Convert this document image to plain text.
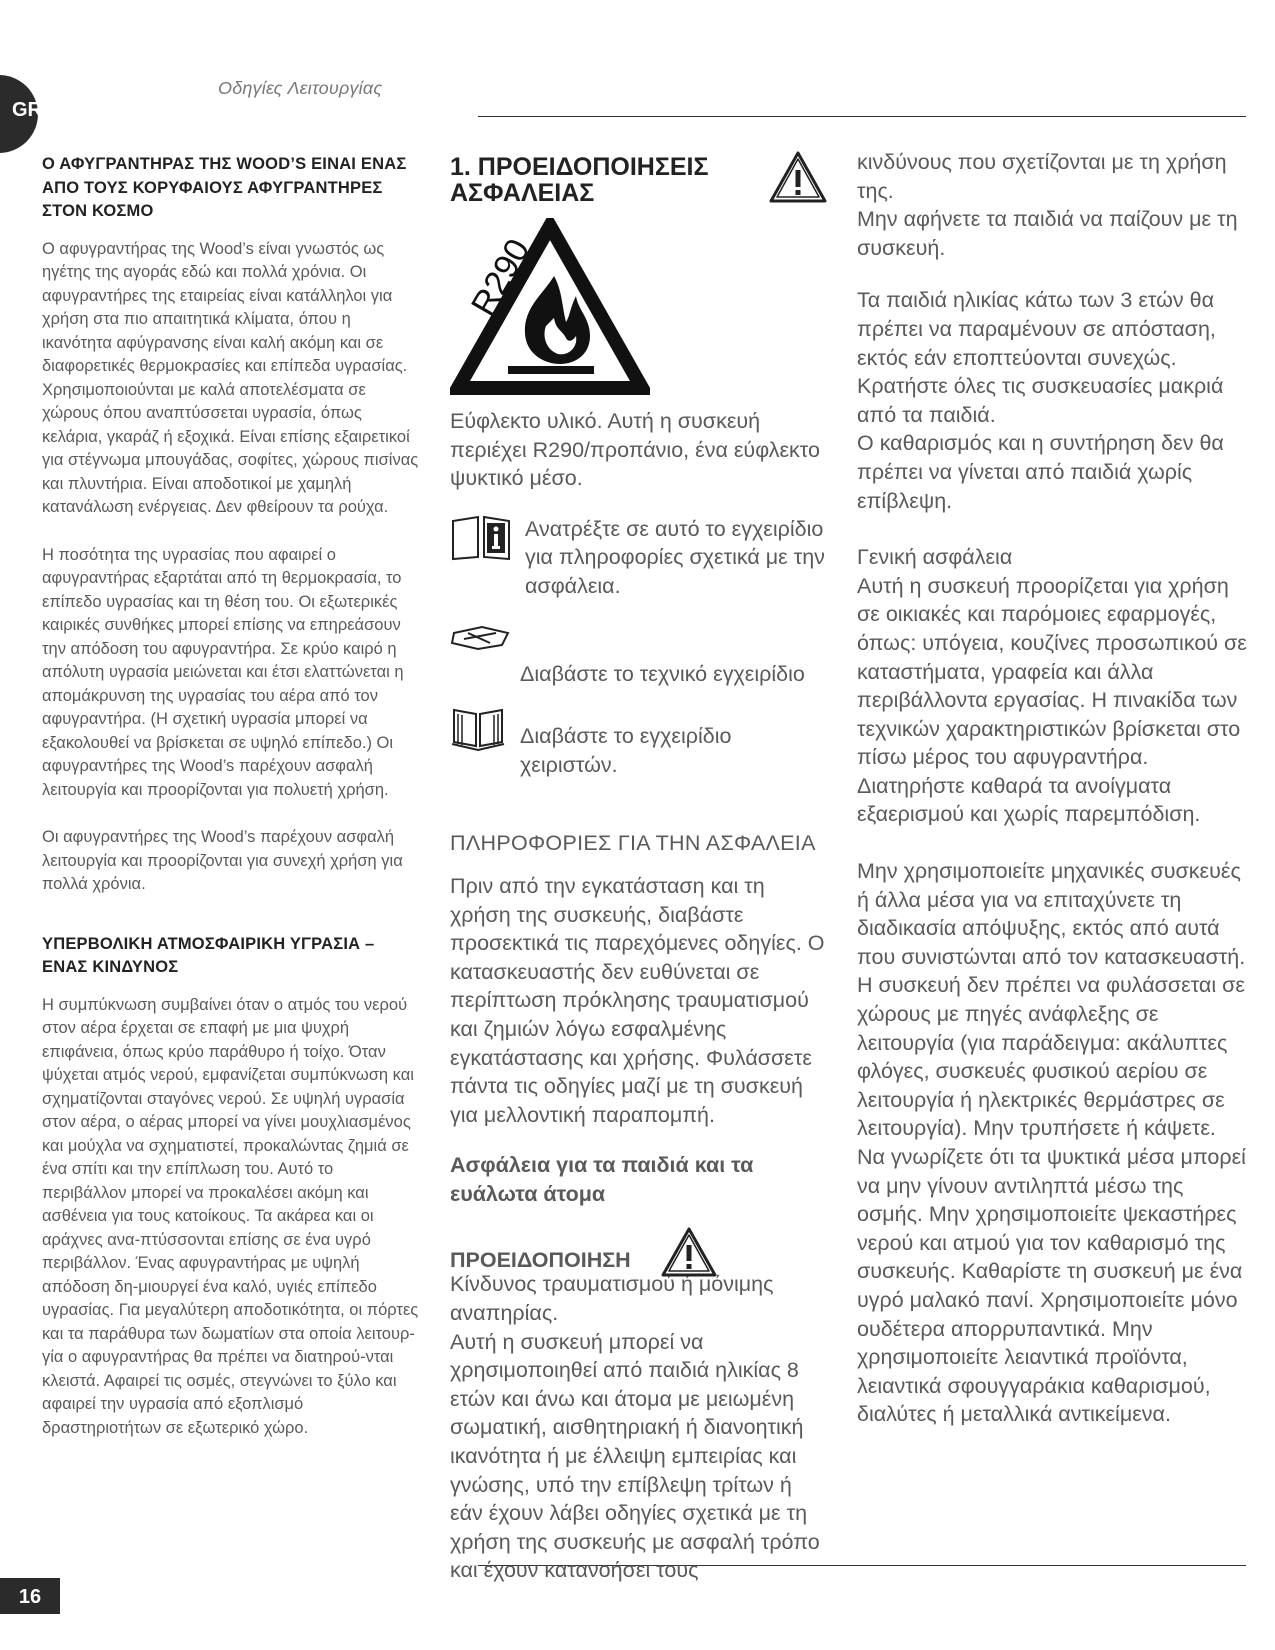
GR
Οδηγίες Λειτουργίας
16
Ο ΑΦΥΓΡΑΝΤΗΡΑΣ ΤΗΣ WOOD’S ΕΙΝΑΙ ΕΝΑΣ ΑΠΟ ΤΟΥΣ ΚΟΡΥΦΑΙΟΥΣ ΑΦΥΓΡΑΝΤΗΡΕΣ ΣΤΟΝ ΚΟΣΜΟ

Ο αφυγραντήρας της Wood’s είναι γνωστός ως ηγέτης της αγοράς εδώ και πολλά χρόνια. Οι αφυγραντήρες της εταιρείας είναι κατάλληλοι για χρήση στα πιο απαιτητικά κλίματα, όπου η ικανότητα αφύγρανσης είναι καλή ακόμη και σε διαφορετικές θερμοκρασίες και επίπεδα υγρασίας. Χρησιμοποιούνται με καλά αποτελέσματα σε χώρους όπου αναπτύσσεται υγρασία, όπως κελάρια, γκαράζ ή εξοχικά. Είναι επίσης εξαιρετικοί για στέγνωμα μπουγάδας, σοφίτες, χώρους πισίνας και πλυντήρια. Είναι αποδοτικοί με χαμηλή κατανάλωση ενέργειας. Δεν φθείρουν τα ρούχα.

Η ποσότητα της υγρασίας που αφαιρεί ο αφυγραντήρας εξαρτάται από τη θερμοκρασία, το επίπεδο υγρασίας και τη θέση του. Οι εξωτερικές καιρικές συνθήκες μπορεί επίσης να επηρεάσουν την απόδοση του αφυγραντήρα. Σε κρύο καιρό η απόλυτη υγρασία μειώνεται και έτσι ελαττώνεται η απομάκρυνση της υγρασίας του αέρα από τον αφυγραντήρα. (Η σχετική υγρασία μπορεί να εξακολουθεί να βρίσκεται σε υψηλό επίπεδο.) Οι αφυγραντήρες της Wood’s παρέχουν ασφαλή λειτουργία και προορίζονται για πολυετή χρήση.

Οι αφυγραντήρες της Wood’s παρέχουν ασφαλή λειτουργία και προορίζονται για συνεχή χρήση για πολλά χρόνια.

ΥΠΕΡΒΟΛΙΚΗ ΑΤΜΟΣΦΑΙΡΙΚΗ ΥΓΡΑΣΙΑ – ΕΝΑΣ ΚΙΝΔΥΝΟΣ

Η συμπύκνωση συμβαίνει όταν ο ατμός του νερού στον αέρα έρχεται σε επαφή με μια ψυχρή επιφάνεια, όπως κρύο παράθυρο ή τοίχο. Όταν ψύχεται ατμός νερού, εμφανίζεται συμπύκνωση και σχηματίζονται σταγόνες νερού. Σε υψηλή υγρασία στον αέρα, ο αέρας μπορεί να γίνει μουχλιασμένος και μούχλα να σχηματιστεί, προκαλώντας ζημιά σε ένα σπίτι και την επίπλωση του. Αυτό το περιβάλλον μπορεί να προκαλέσει ακόμη και ασθένεια για τους κατοίκους. Τα ακάρεα και οι αράχνες ανα-πτύσσονται επίσης σε ένα υγρό περιβάλλον. Ένας αφυγραντήρας με υψηλή απόδοση δη-μιουργεί ένα καλό, υγιές επίπεδο υγρασίας. Για μεγαλύτερη αποδοτικότητα, οι πόρτες και τα παράθυρα των δωματίων στα οποία λειτουρ-γία ο αφυγραντήρας θα πρέπει να διατηρού-νται κλειστά. Αφαιρεί τις οσμές, στεγνώνει το ξύλο και αφαιρεί την υγρασία από εξοπλισμό δραστηριοτήτων σε εξωτερικό χώρο.

1. ΠΡΟΕΙΔΟΠΟΙΗΣΕΙΣ
ΑΣΦΑΛΕΙΑΣ
R290

Εύφλεκτο υλικό. Αυτή η συσκευή περιέχει R290/προπάνιο, ένα εύφλεκτο ψυκτικό μέσο.

Ανατρέξτε σε αυτό το εγχειρίδιο για πληροφορίες σχετικά με την ασφάλεια.

Διαβάστε το τεχνικό εγχειρίδιο

Διαβάστε το εγχειρίδιο χειριστών.

ΠΛΗΡΟΦΟΡΙΕΣ ΓΙΑ ΤΗΝ ΑΣΦΑΛΕΙΑ

Πριν από την εγκατάσταση και τη χρήση της συσκευής, διαβάστε προσεκτικά τις παρεχόμενες οδηγίες. Ο κατασκευαστής δεν ευθύνεται σε περίπτωση πρόκλησης τραυματισμού και ζημιών λόγω εσφαλμένης εγκατάστασης και χρήσης. Φυλάσσετε πάντα τις οδηγίες μαζί με τη συσκευή για μελλοντική παραπομπή.

Ασφάλεια για τα παιδιά και τα ευάλωτα άτομα

ΠΡΟΕΙΔΟΠΟΙΗΣΗ

Κίνδυνος τραυματισμού ή μόνιμης αναπηρίας.

Αυτή η συσκευή μπορεί να χρησιμοποιηθεί από παιδιά ηλικίας 8 ετών και άνω και άτομα με μειωμένη σωματική, αισθητηριακή ή διανοητική ικανότητα ή με έλλειψη εμπειρίας και γνώσης, υπό την επίβλεψη τρίτων ή εάν έχουν λάβει οδηγίες σχετικά με τη χρήση της συσκευής με ασφαλή τρόπο και έχουν κατανοήσει τους

κινδύνους που σχετίζονται με τη χρήση της.

Μην αφήνετε τα παιδιά να παίζουν με τη συσκευή.

Τα παιδιά ηλικίας κάτω των 3 ετών θα πρέπει να παραμένουν σε απόσταση, εκτός εάν εποπτεύονται συνεχώς.

Κρατήστε όλες τις συσκευασίες μακριά από τα παιδιά.

Ο καθαρισμός και η συντήρηση δεν θα πρέπει να γίνεται από παιδιά χωρίς επίβλεψη.

Γενική ασφάλεια

Αυτή η συσκευή προορίζεται για χρήση σε οικιακές και παρόμοιες εφαρμογές, όπως: υπόγεια, κουζίνες προσωπικού σε καταστήματα, γραφεία και άλλα περιβάλλοντα εργασίας. Η πινακίδα των τεχνικών χαρακτηριστικών βρίσκεται στο πίσω μέρος του αφυγραντήρα.

Διατηρήστε καθαρά τα ανοίγματα εξαερισμού και χωρίς παρεμπόδιση.

Μην χρησιμοποιείτε μηχανικές συσκευές ή άλλα μέσα για να επιταχύνετε τη διαδικασία απόψυξης, εκτός από αυτά που συνιστώνται από τον κατασκευαστή.

Η συσκευή δεν πρέπει να φυλάσσεται σε χώρους με πηγές ανάφλεξης σε λειτουργία (για παράδειγμα: ακάλυπτες φλόγες, συσκευές φυσικού αερίου σε λειτουργία ή ηλεκτρικές θερμάστρες σε λειτουργία). Μην τρυπήσετε ή κάψετε.

Να γνωρίζετε ότι τα ψυκτικά μέσα μπορεί να μην γίνουν αντιληπτά μέσω της οσμής. Μην χρησιμοποιείτε ψεκαστήρες νερού και ατμού για τον καθαρισμό της συσκευής. Καθαρίστε τη συσκευή με ένα υγρό μαλακό πανί. Χρησιμοποιείτε μόνο ουδέτερα απορρυπαντικά. Μην χρησιμοποιείτε λειαντικά προϊόντα, λειαντικά σφουγγαράκια καθαρισμού, διαλύτες ή μεταλλικά αντικείμενα.
